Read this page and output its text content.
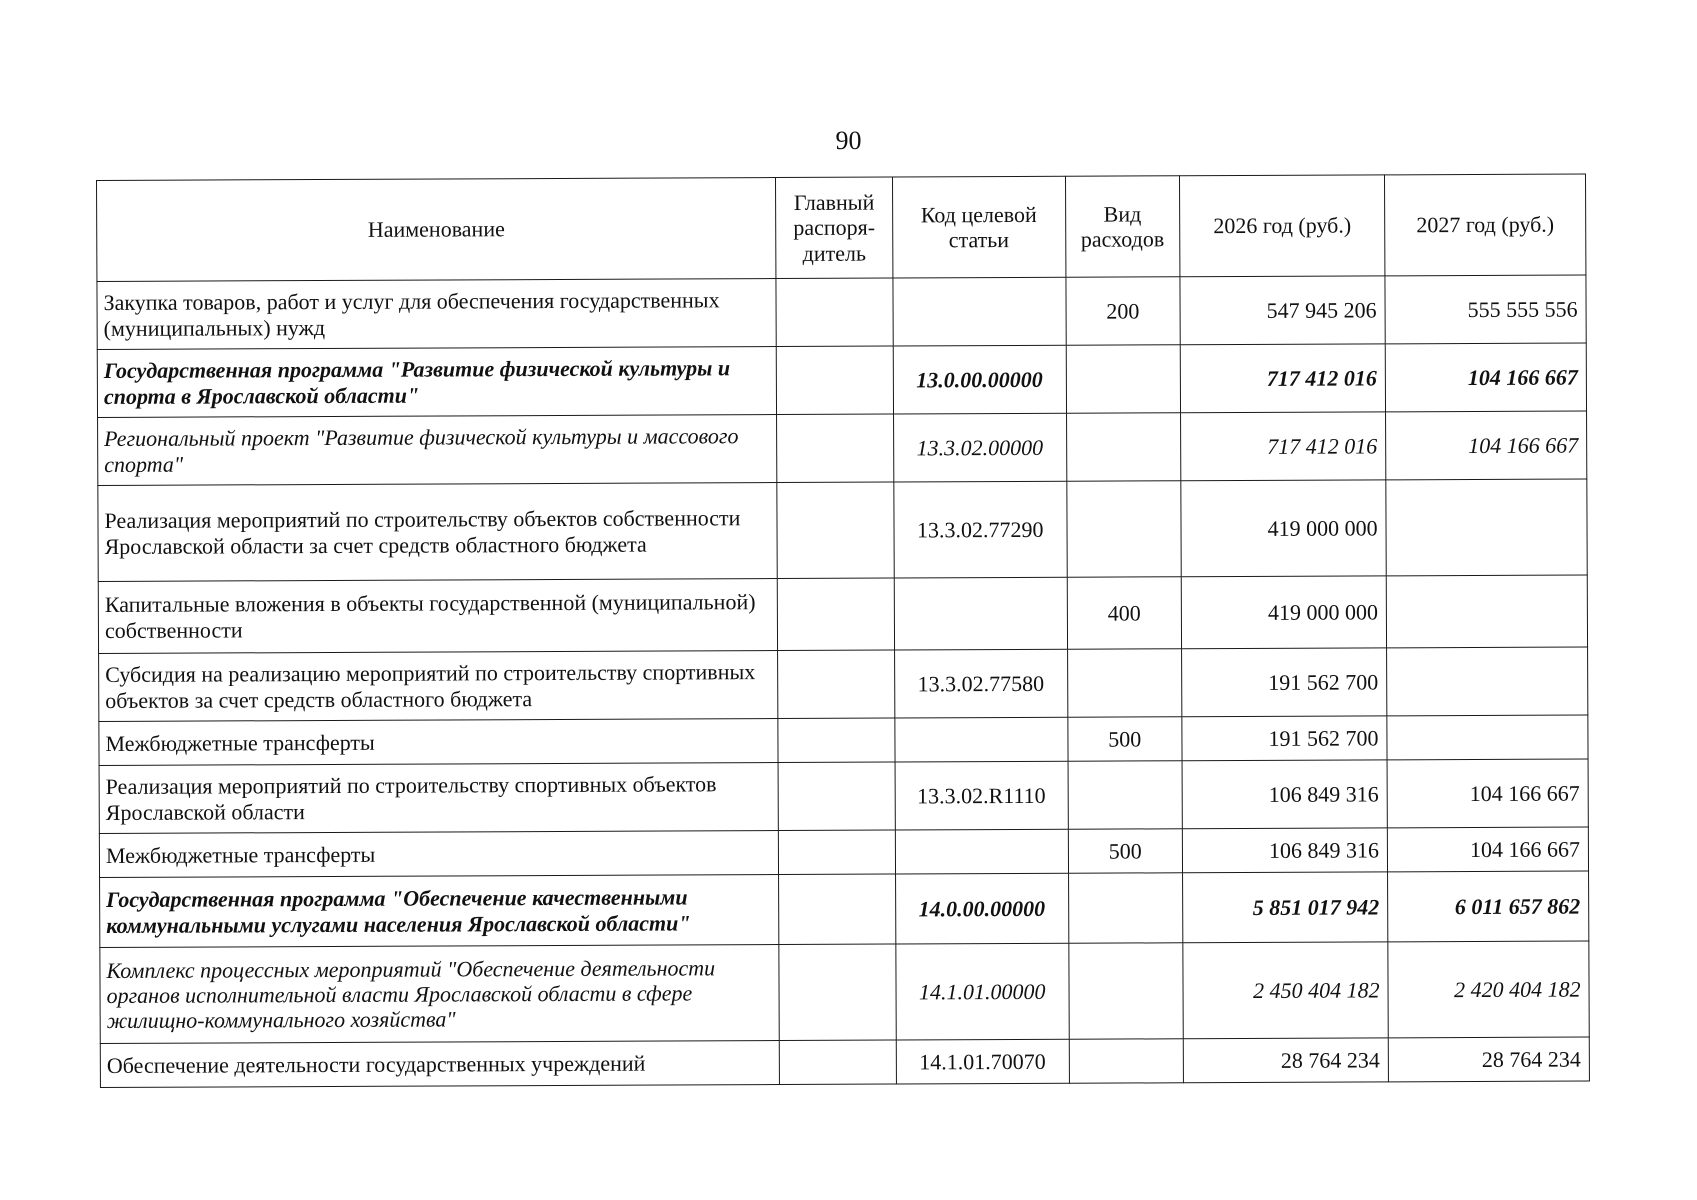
90
Наименование	Главный распоря-дитель	Код целевой статьи	Вид расходов	2026 год (руб.)	2027 год (руб.)
Закупка товаров, работ и услуг для обеспечения государственных (муниципальных) нужд			200	547 945 206	555 555 556
Государственная программа "Развитие физической культуры и спорта в Ярославской области"		13.0.00.00000		717 412 016	104 166 667
Региональный проект "Развитие физической культуры и массового спорта"		13.3.02.00000		717 412 016	104 166 667
Реализация мероприятий по строительству объектов собственности Ярославской области за счет средств областного бюджета		13.3.02.77290		419 000 000	
Капитальные вложения в объекты государственной (муниципальной) собственности			400	419 000 000	
Субсидия на реализацию мероприятий по строительству спортивных объектов за счет средств областного бюджета		13.3.02.77580		191 562 700	
Межбюджетные трансферты			500	191 562 700	
Реализация мероприятий по строительству спортивных объектов Ярославской области		13.3.02.R1110		106 849 316	104 166 667
Межбюджетные трансферты			500	106 849 316	104 166 667
Государственная программа "Обеспечение качественными коммунальными услугами населения Ярославской области"		14.0.00.00000		5 851 017 942	6 011 657 862
Комплекс процессных мероприятий "Обеспечение деятельности органов исполнительной власти Ярославской области в сфере жилищно-коммунального хозяйства"		14.1.01.00000		2 450 404 182	2 420 404 182
Обеспечение деятельности государственных учреждений		14.1.01.70070		28 764 234	28 764 234
